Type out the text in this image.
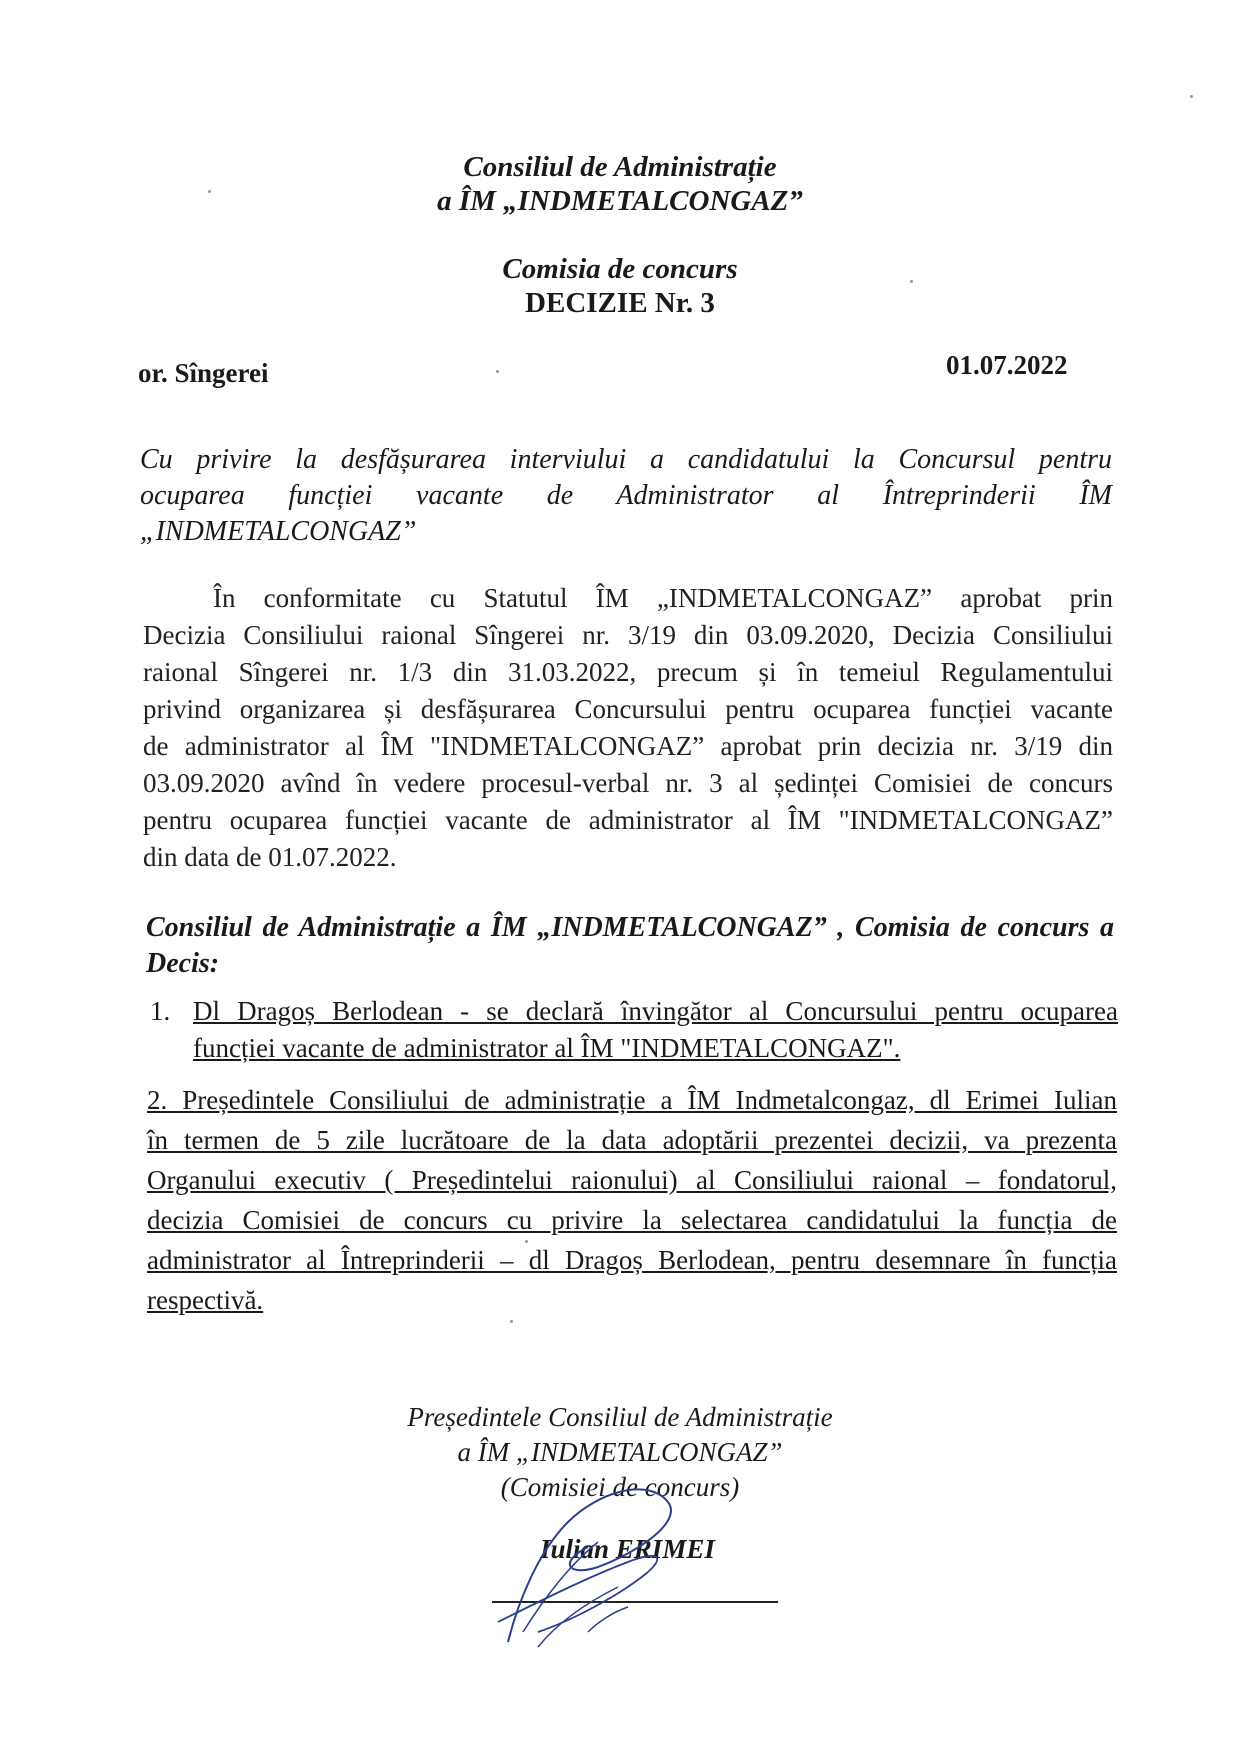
Consiliul de Administrație
a ÎM „INDMETALCONGAZ”
Comisia de concurs
DECIZIE Nr. 3
or. Sîngerei	01.07.2022
Cu privire la desfășurarea interviului a candidatului la Concursul pentru
ocuparea funcției vacante de Administrator al Întreprinderii ÎM
„INDMETALCONGAZ”
În conformitate cu Statutul ÎM „INDMETALCONGAZ” aprobat prin
Decizia Consiliului raional Sîngerei nr. 3/19 din 03.09.2020, Decizia Consiliului
raional Sîngerei nr. 1/3 din 31.03.2022, precum și în temeiul Regulamentului
privind organizarea și desfășurarea Concursului pentru ocuparea funcției vacante
de administrator al ÎM "INDMETALCONGAZ” aprobat prin decizia nr. 3/19 din
03.09.2020 avînd în vedere procesul-verbal nr. 3 al ședinței Comisiei de concurs
pentru ocuparea funcției vacante de administrator al ÎM "INDMETALCONGAZ”
din data de 01.07.2022.
Consiliul de Administrație a ÎM „INDMETALCONGAZ” , Comisia de concurs a
Decis:
1. Dl Dragoș Berlodean - se declară învingător al Concursului pentru ocuparea
funcției vacante de administrator al ÎM "INDMETALCONGAZ".
2. Președintele Consiliului de administrație a ÎM Indmetalcongaz, dl Erimei Iulian
în termen de 5 zile lucrătoare de la data adoptării prezentei decizii, va prezenta
Organului executiv ( Președintelui raionului) al Consiliului raional – fondatorul,
decizia Comisiei de concurs cu privire la selectarea candidatului la funcția de
administrator al Întreprinderii – dl Dragoș Berlodean, pentru desemnare în funcția
respectivă.
Președintele Consiliul de Administrație
a ÎM „INDMETALCONGAZ”
(Comisiei de concurs)
Iulian ERIMEI
